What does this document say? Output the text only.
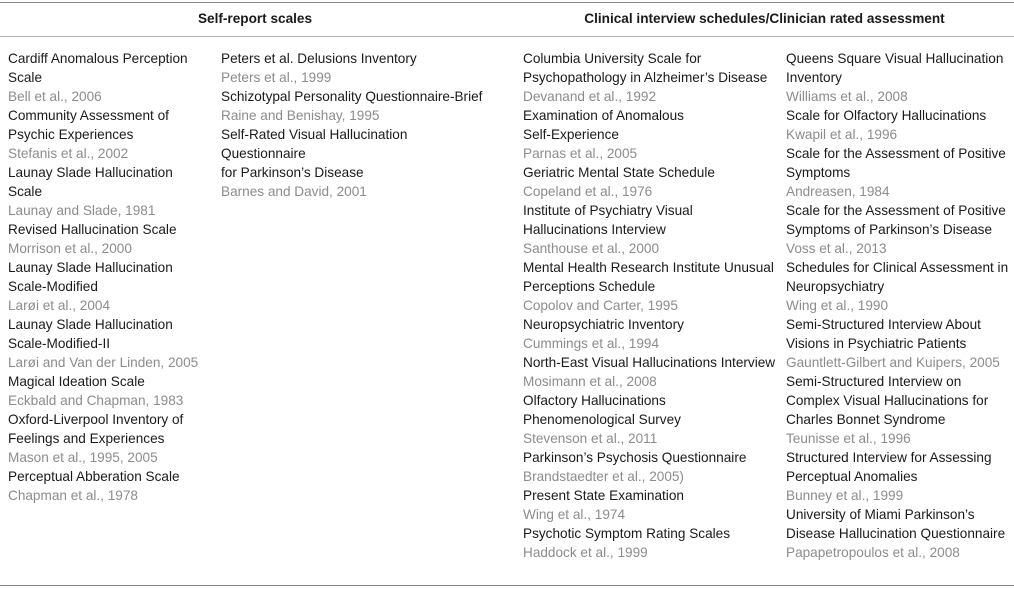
Self-report scales	Clinical interview schedules/Clinician rated assessment
Cardiff Anomalous Perception
Scale
Bell et al., 2006
Community Assessment of
Psychic Experiences
Stefanis et al., 2002
Launay Slade Hallucination
Scale
Launay and Slade, 1981
Revised Hallucination Scale
Morrison et al., 2000
Launay Slade Hallucination
Scale-Modified
Larøi et al., 2004
Launay Slade Hallucination
Scale-Modified-II
Larøi and Van der Linden, 2005
Magical Ideation Scale
Eckbald and Chapman, 1983
Oxford-Liverpool Inventory of
Feelings and Experiences
Mason et al., 1995, 2005
Perceptual Abberation Scale
Chapman et al., 1978
Peters et al. Delusions Inventory
Peters et al., 1999
Schizotypal Personality Questionnaire-Brief
Raine and Benishay, 1995
Self-Rated Visual Hallucination Questionnaire
for Parkinson’s Disease
Barnes and David, 2001
Columbia University Scale for
Psychopathology in Alzheimer’s Disease
Devanand et al., 1992
Examination of Anomalous
Self-Experience
Parnas et al., 2005
Geriatric Mental State Schedule
Copeland et al., 1976
Institute of Psychiatry Visual
Hallucinations Interview
Santhouse et al., 2000
Mental Health Research Institute Unusual
Perceptions Schedule
Copolov and Carter, 1995
Neuropsychiatric Inventory
Cummings et al., 1994
North-East Visual Hallucinations Interview
Mosimann et al., 2008
Olfactory Hallucinations
Phenomenological Survey
Stevenson et al., 2011
Parkinson’s Psychosis Questionnaire
Brandstaedter et al., 2005)
Present State Examination
Wing et al., 1974
Psychotic Symptom Rating Scales
Haddock et al., 1999
Queens Square Visual Hallucination
Inventory
Williams et al., 2008
Scale for Olfactory Hallucinations
Kwapil et al., 1996
Scale for the Assessment of Positive
Symptoms
Andreasen, 1984
Scale for the Assessment of Positive
Symptoms of Parkinson’s Disease
Voss et al., 2013
Schedules for Clinical Assessment in
Neuropsychiatry
Wing et al., 1990
Semi-Structured Interview About
Visions in Psychiatric Patients
Gauntlett-Gilbert and Kuipers, 2005
Semi-Structured Interview on
Complex Visual Hallucinations for
Charles Bonnet Syndrome
Teunisse et al., 1996
Structured Interview for Assessing
Perceptual Anomalies
Bunney et al., 1999
University of Miami Parkinson’s
Disease Hallucination Questionnaire
Papapetropoulos et al., 2008
